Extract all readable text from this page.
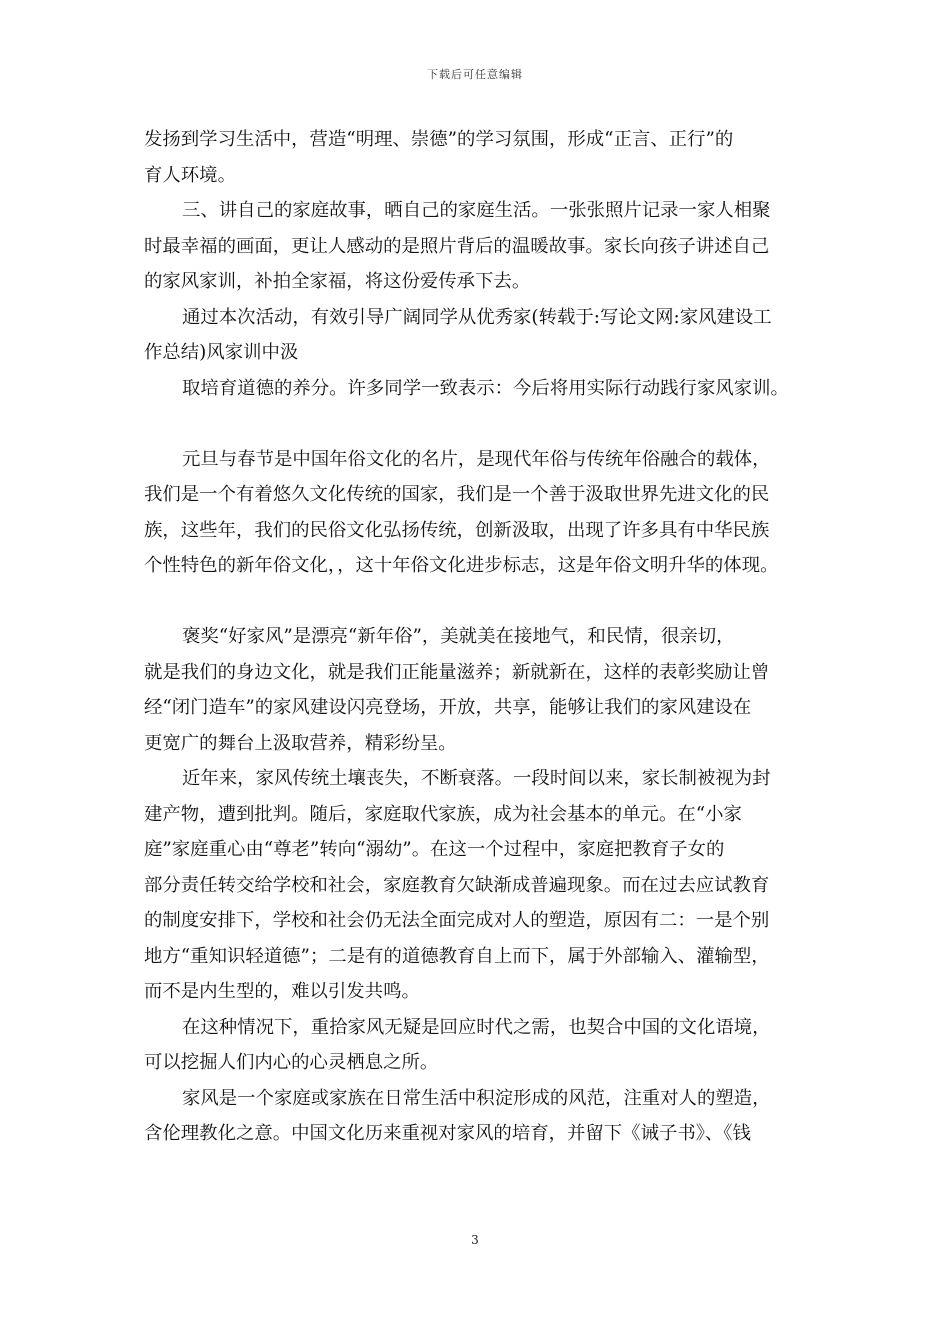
下载后可任意编辑
发扬到学习生活中，营造“明理、崇德”的学习氛围，形成“正言、正行”的
育人环境。
三、讲自己的家庭故事，晒自己的家庭生活。一张张照片记录一家人相聚
时最幸福的画面，更让人感动的是照片背后的温暖故事。家长向孩子讲述自己
的家风家训，补拍全家福，将这份爱传承下去。
通过本次活动，有效引导广阔同学从优秀家(转载于:写论文网:家风建设工
作总结)风家训中汲
取培育道德的养分。许多同学一致表示：今后将用实际行动践行家风家训。
元旦与春节是中国年俗文化的名片，是现代年俗与传统年俗融合的载体，
我们是一个有着悠久文化传统的国家，我们是一个善于汲取世界先进文化的民
族，这些年，我们的民俗文化弘扬传统，创新汲取，出现了许多具有中华民族
个性特色的新年俗文化，，这十年俗文化进步标志，这是年俗文明升华的体现。
褒奖“好家风”是漂亮“新年俗”，美就美在接地气，和民情，很亲切，
就是我们的身边文化，就是我们正能量滋养；新就新在，这样的表彰奖励让曾
经“闭门造车”的家风建设闪亮登场，开放，共享，能够让我们的家风建设在
更宽广的舞台上汲取营养，精彩纷呈。
近年来，家风传统土壤丧失，不断衰落。一段时间以来，家长制被视为封
建产物，遭到批判。随后，家庭取代家族，成为社会基本的单元。在“小家
庭”家庭重心由“尊老”转向“溺幼”。在这一个过程中，家庭把教育子女的
部分责任转交给学校和社会，家庭教育欠缺渐成普遍现象。而在过去应试教育
的制度安排下，学校和社会仍无法全面完成对人的塑造，原因有二：一是个别
地方“重知识轻道德”；二是有的道德教育自上而下，属于外部输入、灌输型，
而不是内生型的，难以引发共鸣。
在这种情况下，重拾家风无疑是回应时代之需，也契合中国的文化语境，
可以挖掘人们内心的心灵栖息之所。
家风是一个家庭或家族在日常生活中积淀形成的风范，注重对人的塑造，
含伦理教化之意。中国文化历来重视对家风的培育，并留下《诫子书》、《钱
3
